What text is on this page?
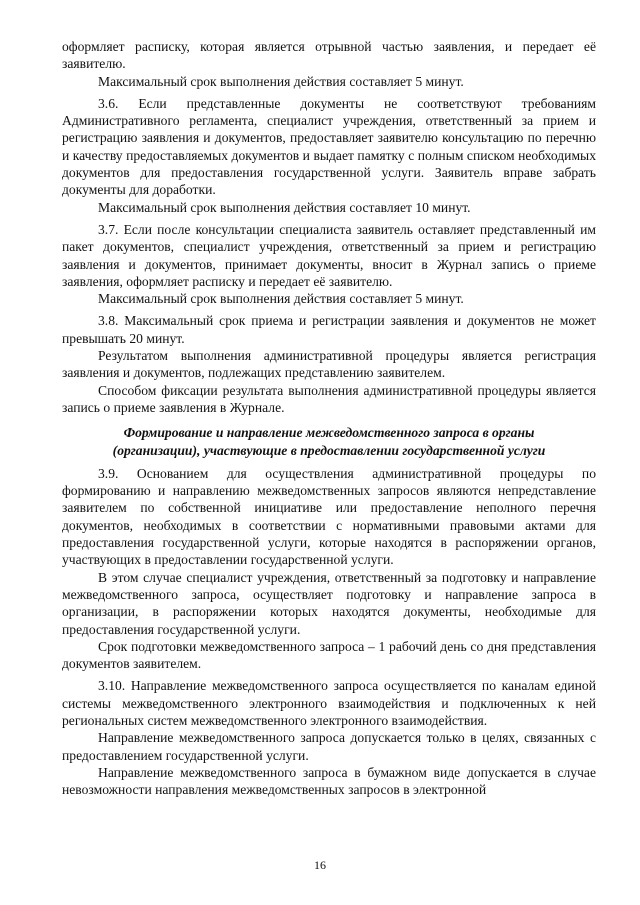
оформляет расписку, которая является отрывной частью заявления, и передает её заявителю.

Максимальный срок выполнения действия составляет 5 минут.

3.6. Если представленные документы не соответствуют требованиям Административного регламента, специалист учреждения, ответственный за прием и регистрацию заявления и документов, предоставляет заявителю консультацию по перечню и качеству предоставляемых документов и выдает памятку с полным списком необходимых документов для предоставления государственной услуги. Заявитель вправе забрать документы для доработки.

Максимальный срок выполнения действия составляет 10 минут.

3.7. Если после консультации специалиста заявитель оставляет представленный им пакет документов, специалист учреждения, ответственный за прием и регистрацию заявления и документов, принимает документы, вносит в Журнал запись о приеме заявления, оформляет расписку и передает её заявителю.

Максимальный срок выполнения действия составляет 5 минут.

3.8. Максимальный срок приема и регистрации заявления и документов не может превышать 20 минут.

Результатом выполнения административной процедуры является регистрация заявления и документов, подлежащих представлению заявителем.

Способом фиксации результата выполнения административной процедуры является запись о приеме заявления в Журнале.

Формирование и направление межведомственного запроса в органы
(организации), участвующие в предоставлении государственной услуги

3.9. Основанием для осуществления административной процедуры по формированию и направлению межведомственных запросов являются непредставление заявителем по собственной инициативе или предоставление неполного перечня документов, необходимых в соответствии с нормативными правовыми актами для предоставления государственной услуги, которые находятся в распоряжении органов, участвующих в предоставлении государственной услуги.

В этом случае специалист учреждения, ответственный за подготовку и направление межведомственного запроса, осуществляет подготовку и направление запроса в организации, в распоряжении которых находятся документы, необходимые для предоставления государственной услуги.

Срок подготовки межведомственного запроса – 1 рабочий день со дня представления документов заявителем.

3.10. Направление межведомственного запроса осуществляется по каналам единой системы межведомственного электронного взаимодействия и подключенных к ней региональных систем межведомственного электронного взаимодействия.

Направление межведомственного запроса допускается только в целях, связанных с предоставлением государственной услуги.

Направление межведомственного запроса в бумажном виде допускается в случае невозможности направления межведомственных запросов в электронной

16
